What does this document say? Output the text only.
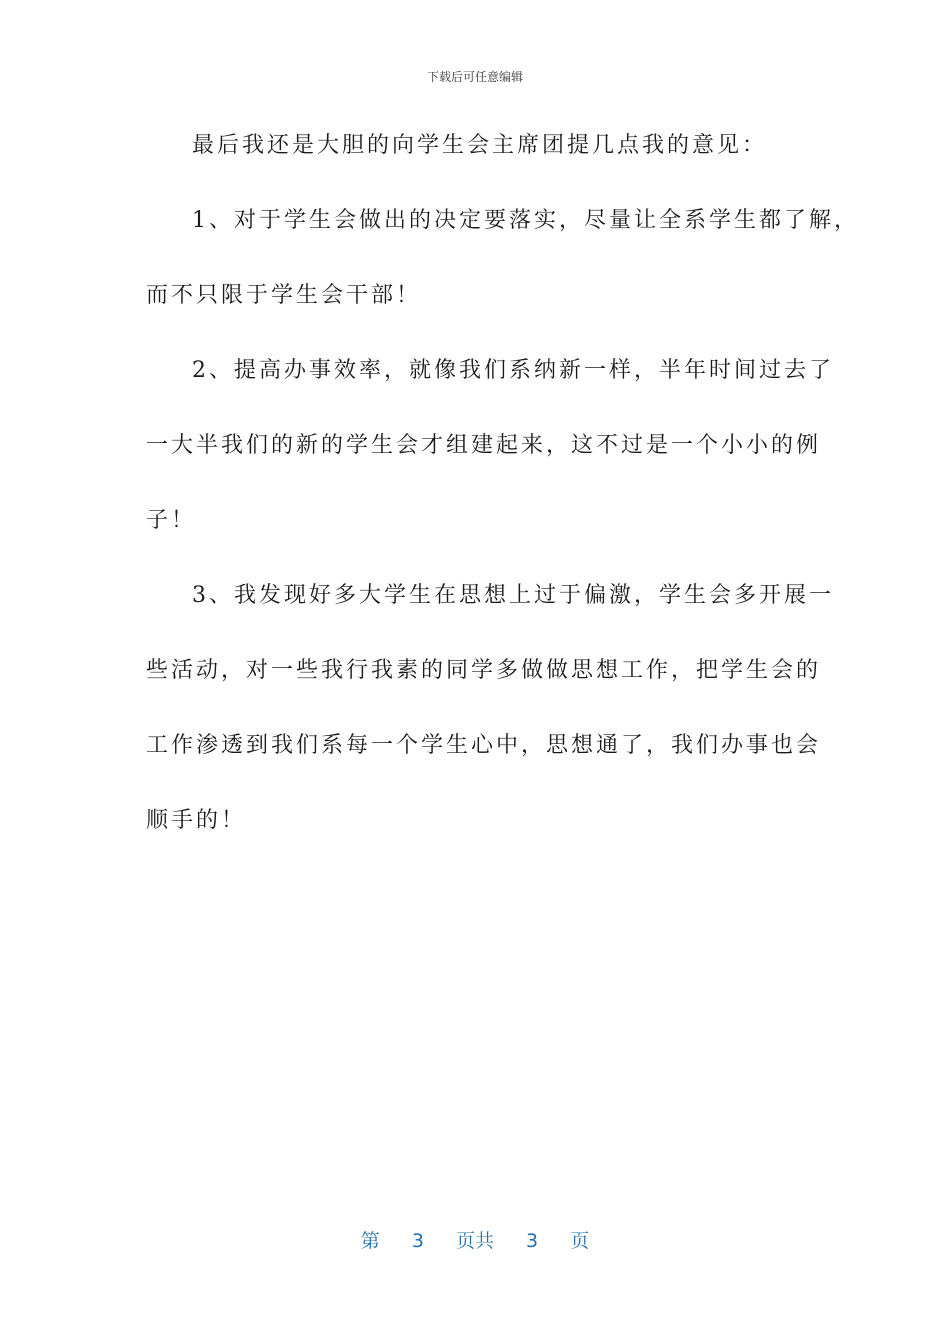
下载后可任意编辑
最后我还是大胆的向学生会主席团提几点我的意见：
1、对于学生会做出的决定要落实，尽量让全系学生都了解，
而不只限于学生会干部！
2、提高办事效率，就像我们系纳新一样，半年时间过去了
一大半我们的新的学生会才组建起来，这不过是一个小小的例
子！
3、我发现好多大学生在思想上过于偏激，学生会多开展一
些活动，对一些我行我素的同学多做做思想工作，把学生会的
工作渗透到我们系每一个学生心中，思想通了，我们办事也会
顺手的！
第 3 页共 3 页
